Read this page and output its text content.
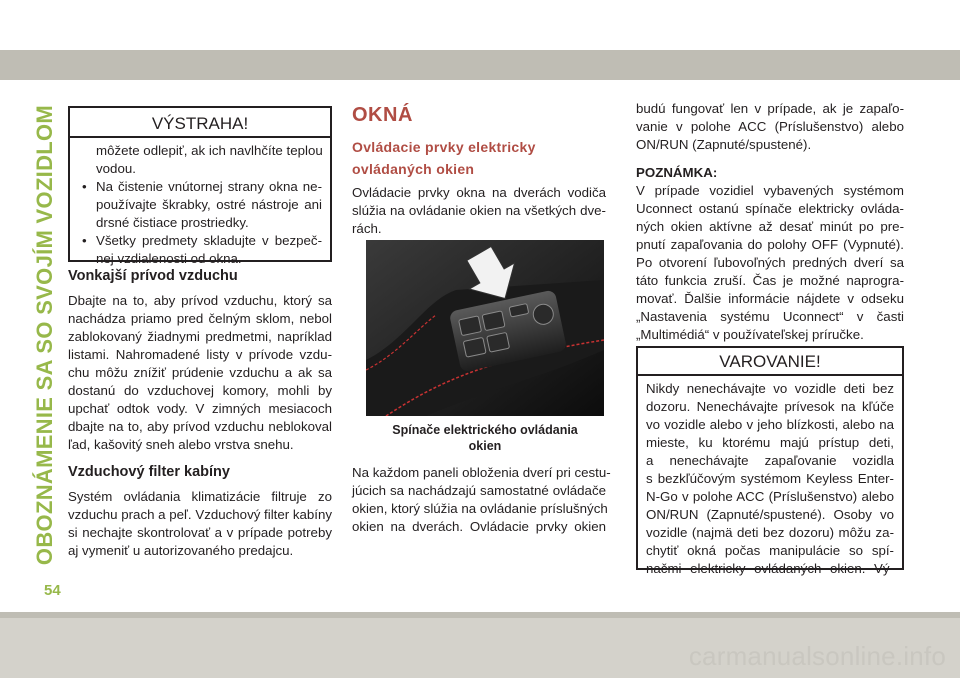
OBOZNÁMENIE SA SO SVOJÍM VOZIDLOM
54
VÝSTRAHA!
môžete odlepiť, ak ich navlhčíte teplou
vodou.
• Na čistenie vnútornej strany okna ne-
používajte škrabky, ostré nástroje ani
drsné čistiace prostriedky.
• Všetky predmety skladujte v bezpeč-
nej vzdialenosti od okna.
Vonkajší prívod vzduchu
Dbajte na to, aby prívod vzduchu, ktorý sa
nachádza priamo pred čelným sklom, nebol
zablokovaný žiadnymi predmetmi, napríklad
listami. Nahromadené listy v prívode vzdu-
chu môžu znížiť prúdenie vzduchu a ak sa
dostanú do vzduchovej komory, mohli by
upchať odtok vody. V zimných mesiacoch
dbajte na to, aby prívod vzduchu neblokoval
ľad, kašovitý sneh alebo vrstva snehu.
Vzduchový filter kabíny
Systém ovládania klimatizácie filtruje zo
vzduchu prach a peľ. Vzduchový filter kabíny
si nechajte skontrolovať a v prípade potreby
aj vymeniť u autorizovaného predajcu.
OKNÁ
Ovládacie prvky elektricky
ovládaných okien
Ovládacie prvky okna na dverách vodiča
slúžia na ovládanie okien na všetkých dve-
rách.
Spínače elektrického ovládania
okien
Na každom paneli obloženia dverí pri cestu-
júcich sa nachádzajú samostatné ovládače
okien, ktorý slúžia na ovládanie príslušných
okien na dverách. Ovládacie prvky okien
budú fungovať len v prípade, ak je zapaľo-
vanie v polohe ACC (Príslušenstvo) alebo
ON/RUN (Zapnuté/spustené).
POZNÁMKA:
V prípade vozidiel vybavených systémom
Uconnect ostanú spínače elektricky ovláda-
ných okien aktívne až desať minút po pre-
pnutí zapaľovania do polohy OFF (Vypnuté).
Po otvorení ľubovoľných predných dverí sa
táto funkcia zruší. Čas je možné naprogra-
movať. Ďalšie informácie nájdete v odseku
„Nastavenia systému Uconnect“ v časti
„Multimédiá“ v používateľskej príručke.
VAROVANIE!
Nikdy nenechávajte vo vozidle deti bez
dozoru. Nenechávajte prívesok na kľúče
vo vozidle alebo v jeho blízkosti, alebo na
mieste, ku ktorému majú prístup deti,
a nenechávajte zapaľovanie vozidla
s bezkľúčovým systémom Keyless Enter-
N-Go v polohe ACC (Príslušenstvo) alebo
ON/RUN (Zapnuté/spustené). Osoby vo
vozidle (najmä deti bez dozoru) môžu za-
chytiť okná počas manipulácie so spí-
načmi elektricky ovládaných okien. Vý-
carmanualsonline.info
